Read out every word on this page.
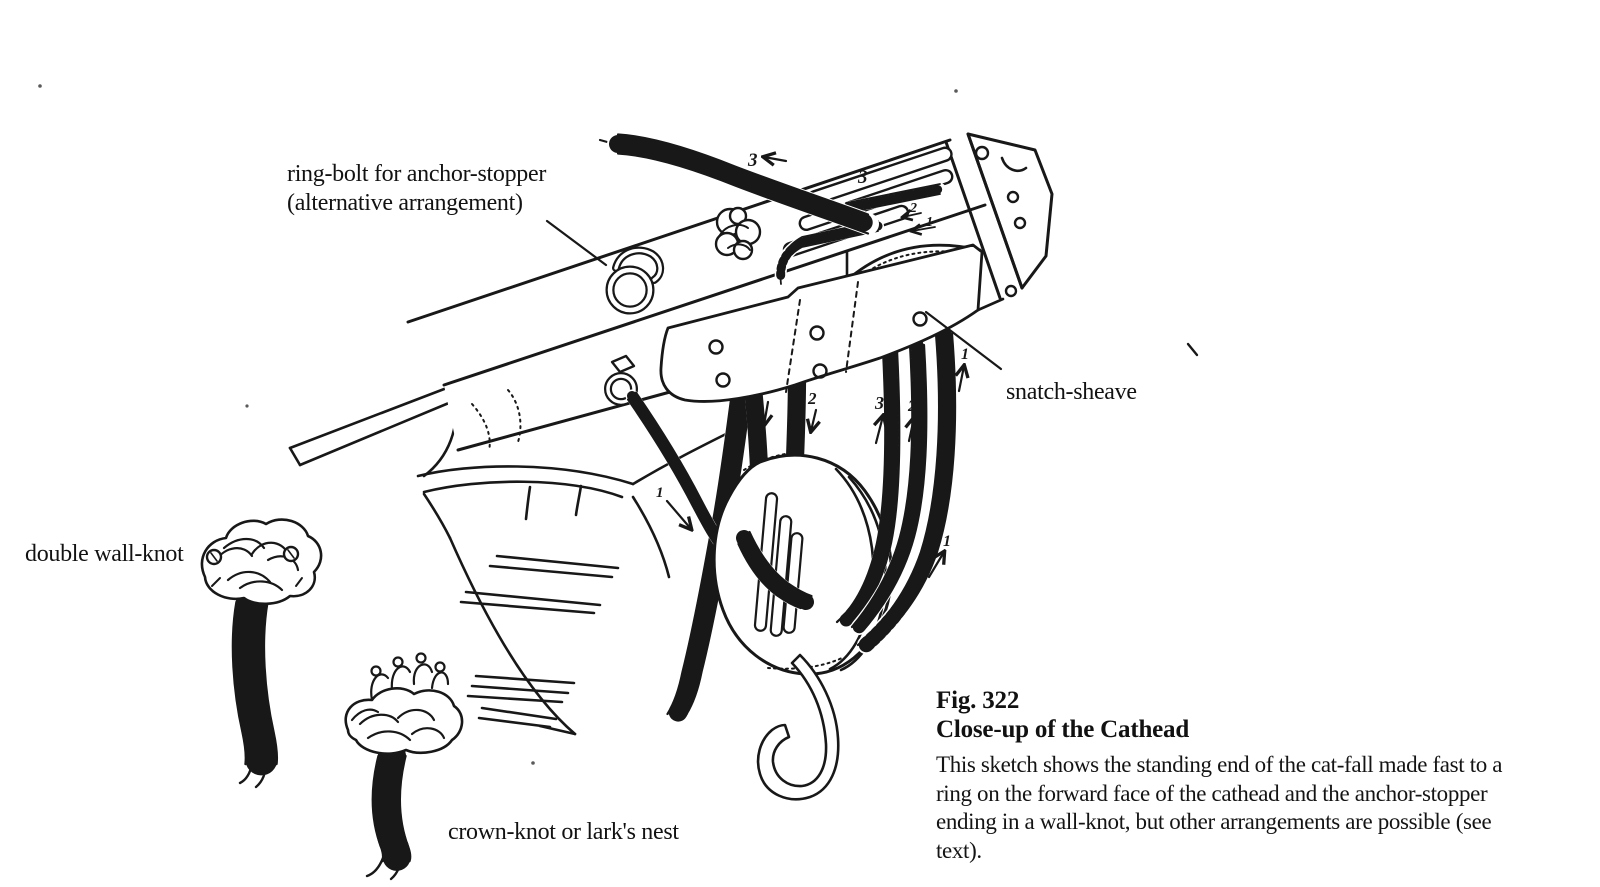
3
3
2
1
3
2	3 2
1
1
1
ring-bolt for anchor-stopper
(alternative arrangement)
snatch-sheave
double wall-knot
crown-knot or lark's nest
Fig. 322
Close-up of the Cathead
This sketch shows the standing end of the cat-fall made fast to a
ring on the forward face of the cathead and the anchor-stopper
ending in a wall-knot, but other arrangements are possible (see
text).
